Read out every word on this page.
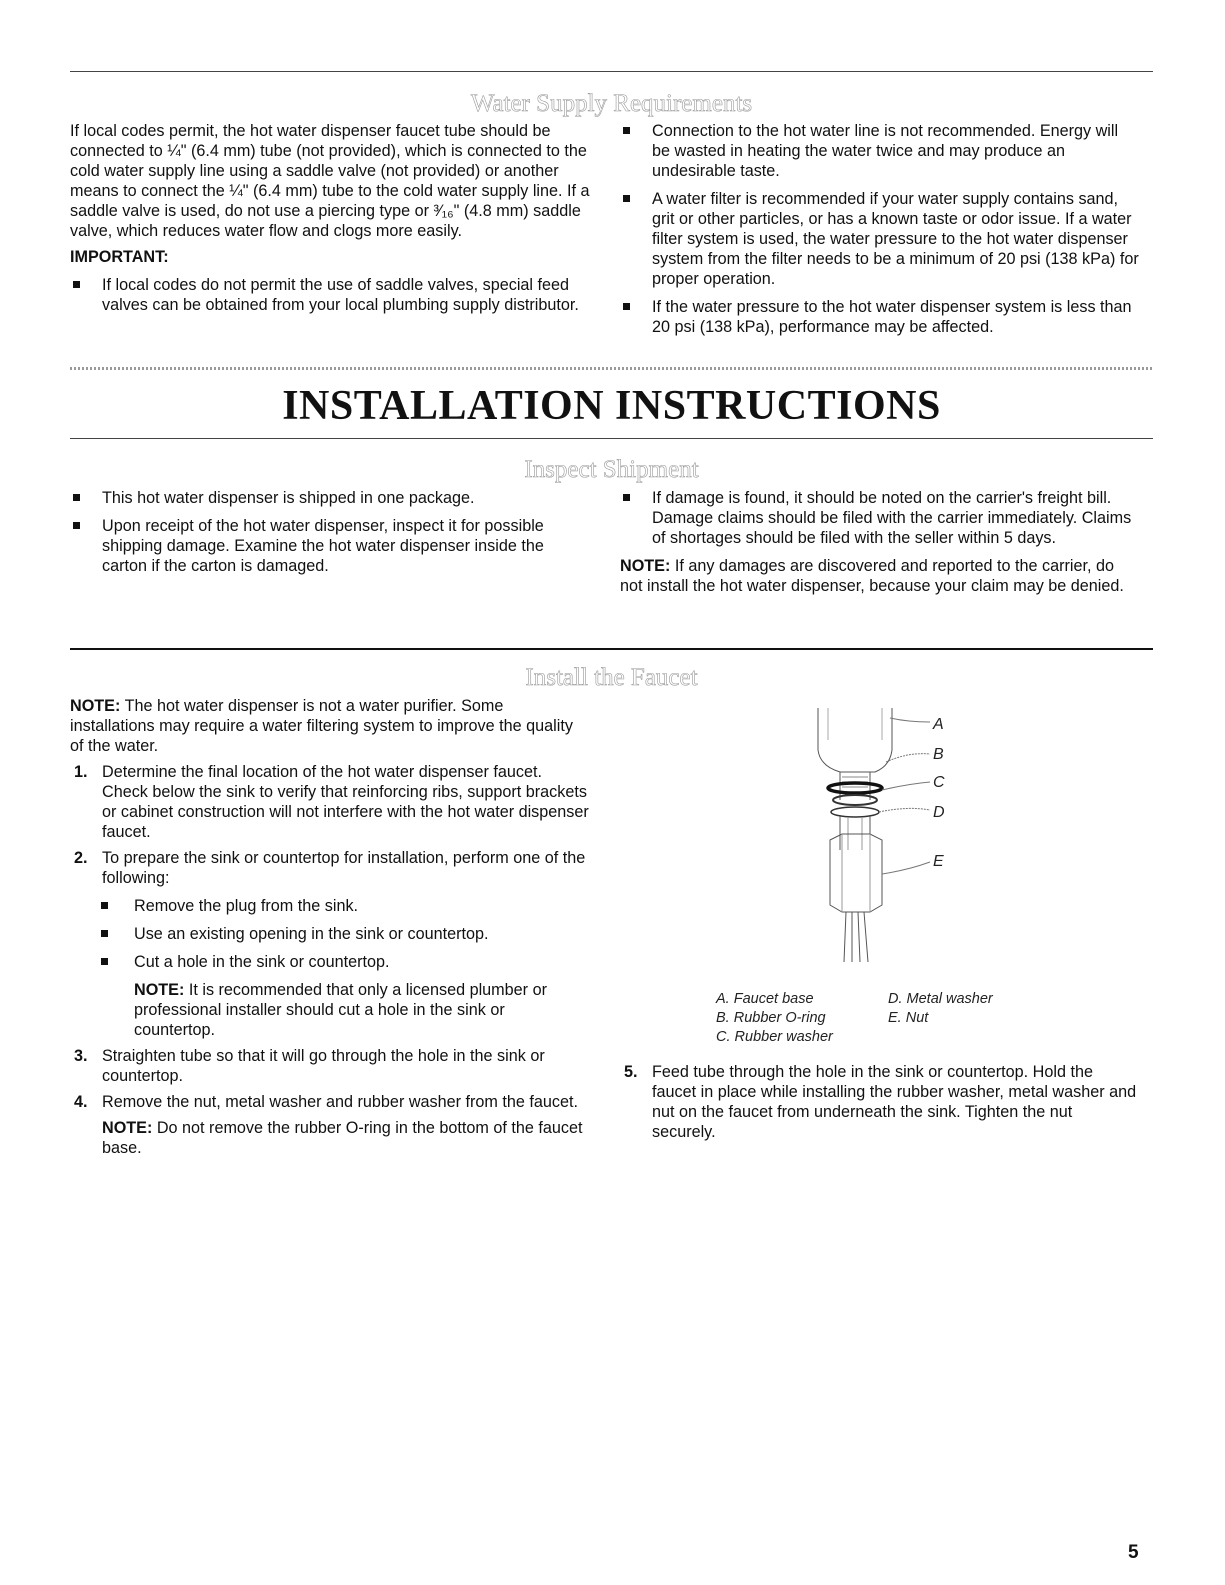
Water Supply Requirements

If local codes permit, the hot water dispenser faucet tube should be connected to ¼" (6.4 mm) tube (not provided), which is connected to the cold water supply line using a saddle valve (not provided) or another means to connect the ¼" (6.4 mm) tube to the cold water supply line. If a saddle valve is used, do not use a piercing type or ³⁄₁₆" (4.8 mm) saddle valve, which reduces water flow and clogs more easily.

IMPORTANT:

If local codes do not permit the use of saddle valves, special feed valves can be obtained from your local plumbing supply distributor.

Connection to the hot water line is not recommended. Energy will be wasted in heating the water twice and may produce an undesirable taste.

A water filter is recommended if your water supply contains sand, grit or other particles, or has a known taste or odor issue. If a water filter system is used, the water pressure to the hot water dispenser system from the filter needs to be a minimum of 20 psi (138 kPa) for proper operation.

If the water pressure to the hot water dispenser system is less than 20 psi (138 kPa), performance may be affected.

INSTALLATION INSTRUCTIONS
Inspect Shipment

This hot water dispenser is shipped in one package.

Upon receipt of the hot water dispenser, inspect it for possible shipping damage. Examine the hot water dispenser inside the carton if the carton is damaged.

If damage is found, it should be noted on the carrier's freight bill. Damage claims should be filed with the carrier immediately. Claims of shortages should be filed with the seller within 5 days.

NOTE: If any damages are discovered and reported to the carrier, do not install the hot water dispenser, because your claim may be denied.

Install the Faucet

NOTE: The hot water dispenser is not a water purifier. Some installations may require a water filtering system to improve the quality of the water.

1. Determine the final location of the hot water dispenser faucet. Check below the sink to verify that reinforcing ribs, support brackets or cabinet construction will not interfere with the hot water dispenser faucet.

2. To prepare the sink or countertop for installation, perform one of the following:

Remove the plug from the sink.

Use an existing opening in the sink or countertop.

Cut a hole in the sink or countertop.

NOTE: It is recommended that only a licensed plumber or professional installer should cut a hole in the sink or countertop.

3. Straighten tube so that it will go through the hole in the sink or countertop.

4. Remove the nut, metal washer and rubber washer from the faucet.

NOTE: Do not remove the rubber O-ring in the bottom of the faucet base.

A
B
C
D
E

A. Faucet base

B. Rubber O-ring

C. Rubber washer

D. Metal washer

E. Nut

5. Feed tube through the hole in the sink or countertop. Hold the faucet in place while installing the rubber washer, metal washer and nut on the faucet from underneath the sink. Tighten the nut securely.

5
